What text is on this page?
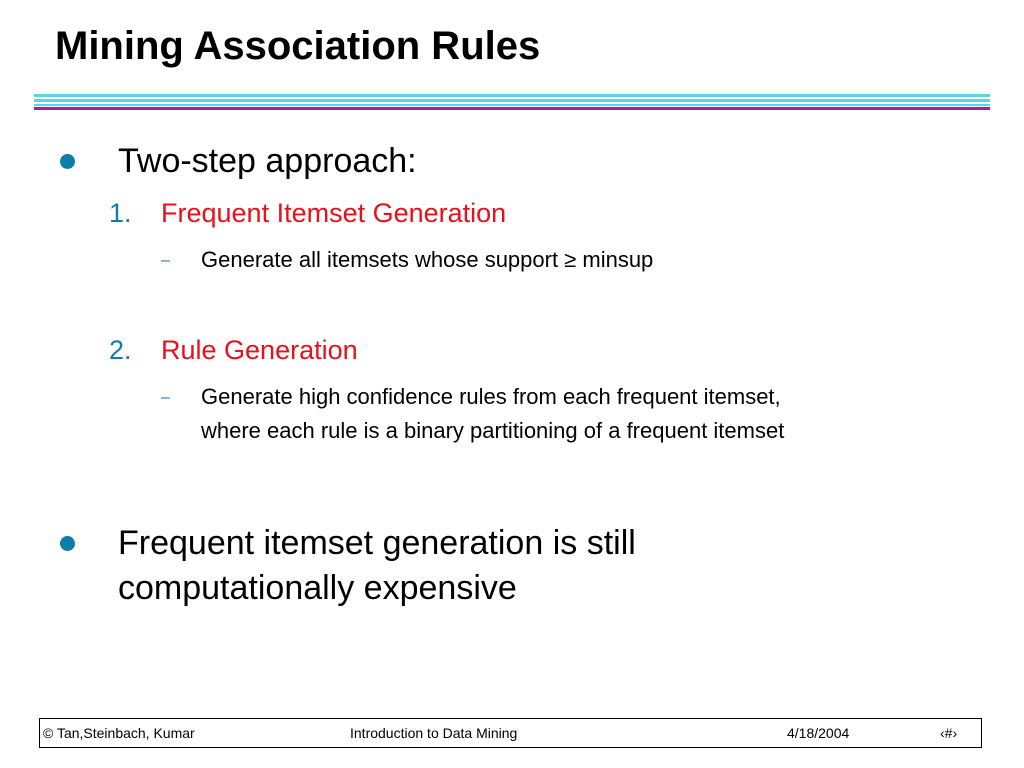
Mining Association Rules
Two-step approach:
1. Frequent Itemset Generation
– Generate all itemsets whose support ≥ minsup
2. Rule Generation
– Generate high confidence rules from each frequent itemset,
where each rule is a binary partitioning of a frequent itemset
Frequent itemset generation is still
computationally expensive
© Tan,Steinbach, Kumar	Introduction to Data Mining	4/18/2004	‹#›
